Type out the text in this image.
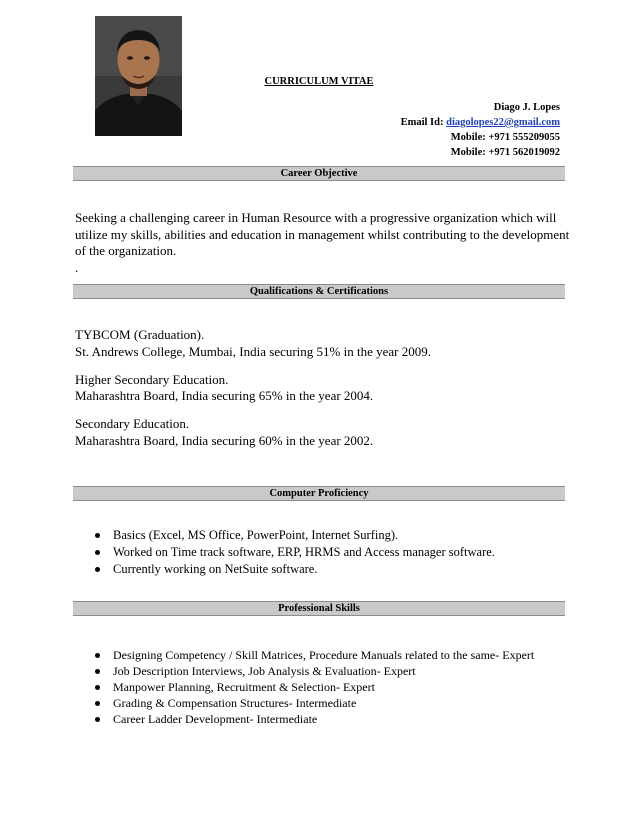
CURRICULUM VITAE
Diago J. Lopes
Email Id: diagolopes22@gmail.com
Mobile: +971 555209055
Mobile: +971 562019092
Career Objective
Seeking a challenging career in Human Resource with a progressive organization which will utilize my skills, abilities and education in management whilst contributing to the development of the organization.
.
Qualifications & Certifications
TYBCOM (Graduation).
St. Andrews College, Mumbai, India securing 51% in the year 2009.
Higher Secondary Education.
Maharashtra Board, India securing 65% in the year 2004.
Secondary Education.
Maharashtra Board, India securing 60% in the year 2002.
Computer Proficiency
Basics (Excel, MS Office, PowerPoint, Internet Surfing).
Worked on Time track software, ERP, HRMS and Access manager software.
Currently working on NetSuite software.
Professional Skills
Designing Competency / Skill Matrices, Procedure Manuals related to the same- Expert
Job Description Interviews, Job Analysis & Evaluation- Expert
Manpower Planning, Recruitment & Selection- Expert
Grading & Compensation Structures- Intermediate
Career Ladder Development- Intermediate
